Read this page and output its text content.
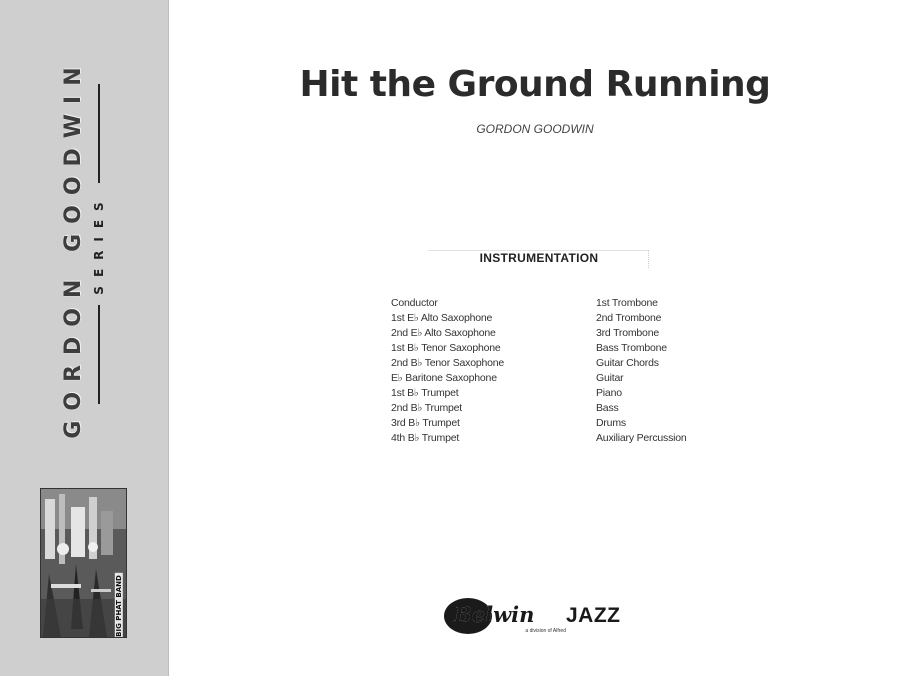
GORDON GOODWIN SERIES
BIG PHAT BAND
Hit the Ground Running
GORDON GOODWIN
INSTRUMENTATION
Conductor
1st E♭ Alto Saxophone
2nd E♭ Alto Saxophone
1st B♭ Tenor Saxophone
2nd B♭ Tenor Saxophone
E♭ Baritone Saxophone
1st B♭ Trumpet
2nd B♭ Trumpet
3rd B♭ Trumpet
4th B♭ Trumpet
1st Trombone
2nd Trombone
3rd Trombone
Bass Trombone
Guitar Chords
Guitar
Piano
Bass
Drums
Auxiliary Percussion
Belwin JAZZ
a division of Alfred
